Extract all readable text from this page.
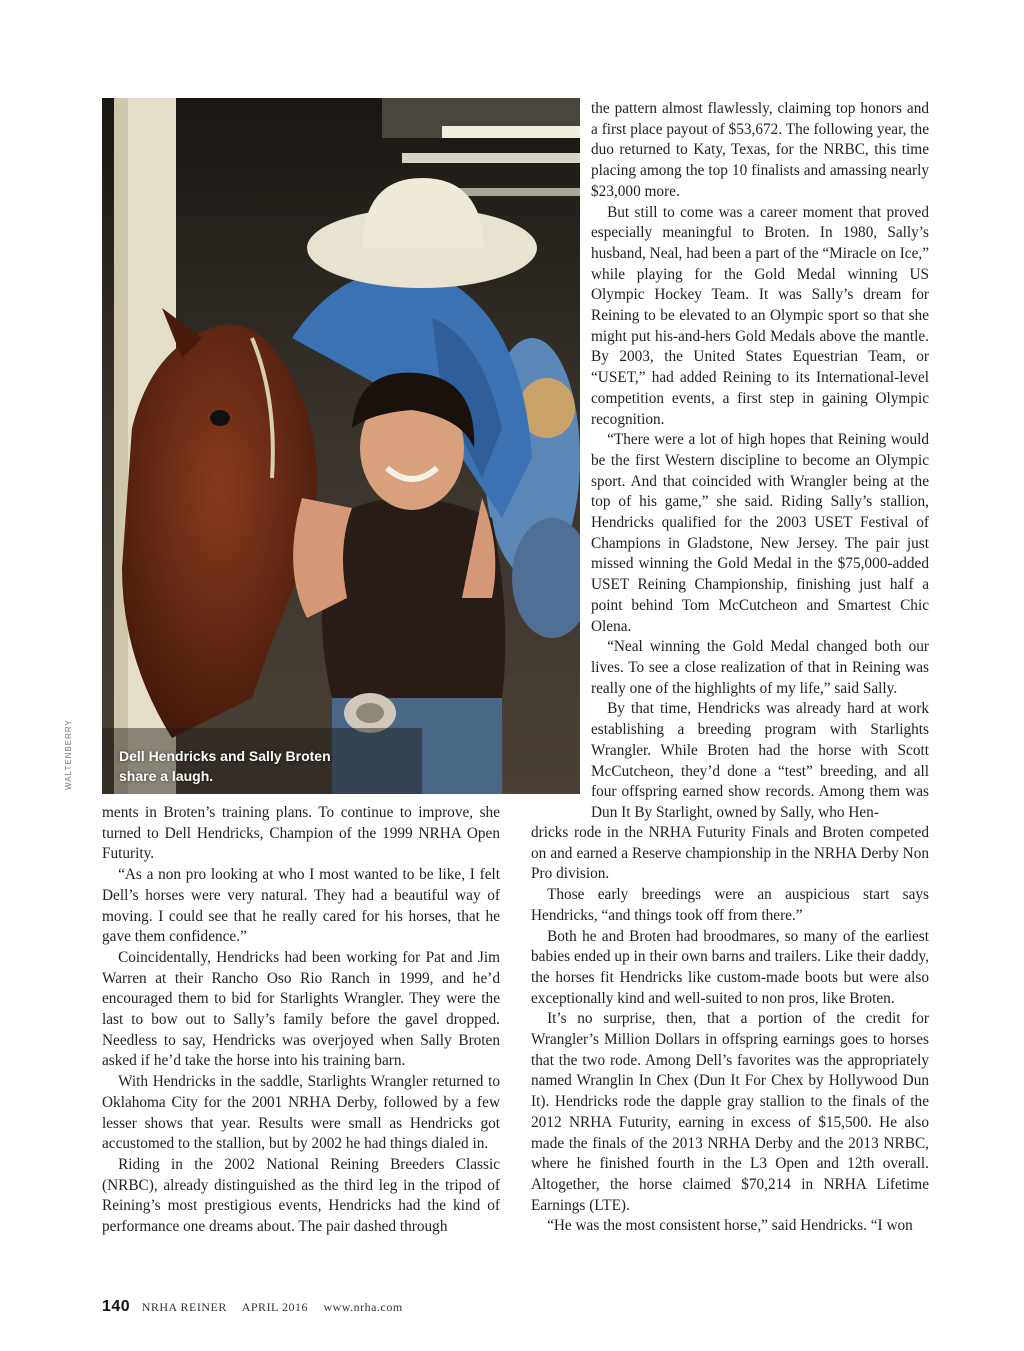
Dell Hendricks and Sally Broten
share a laugh.
WALTENBERRY

the pattern almost flawlessly, claiming top honors and a first place payout of $53,672. The following year, the duo returned to Katy, Texas, for the NRBC, this time placing among the top 10 finalists and amassing nearly $23,000 more.

But still to come was a career moment that proved especially meaningful to Broten. In 1980, Sally’s husband, Neal, had been a part of the “Miracle on Ice,” while playing for the Gold Medal winning US Olympic Hockey Team. It was Sally’s dream for Reining to be elevated to an Olympic sport so that she might put his-and-hers Gold Medals above the mantle. By 2003, the United States Equestrian Team, or “USET,” had added Reining to its International-level competition events, a first step in gaining Olympic recognition.

“There were a lot of high hopes that Reining would be the first Western discipline to become an Olympic sport. And that coincided with Wrangler being at the top of his game,” she said. Riding Sally’s stallion, Hendricks qualified for the 2003 USET Festival of Champions in Gladstone, New Jersey. The pair just missed winning the Gold Medal in the $75,000-added USET Reining Championship, finishing just half a point behind Tom McCutcheon and Smartest Chic Olena.

“Neal winning the Gold Medal changed both our lives. To see a close realization of that in Reining was really one of the highlights of my life,” said Sally.

By that time, Hendricks was already hard at work establishing a breeding program with Starlights Wrangler. While Broten had the horse with Scott McCutcheon, they’d done a “test” breeding, and all four offspring earned show records. Among them was Dun It By Starlight, owned by Sally, who Hen-

ments in Broten’s training plans. To continue to improve, she turned to Dell Hendricks, Champion of the 1999 NRHA Open Futurity.

“As a non pro looking at who I most wanted to be like, I felt Dell’s horses were very natural. They had a beautiful way of moving. I could see that he really cared for his horses, that he gave them confidence.”

Coincidentally, Hendricks had been working for Pat and Jim Warren at their Rancho Oso Rio Ranch in 1999, and he’d encouraged them to bid for Starlights Wrangler. They were the last to bow out to Sally’s family before the gavel dropped. Needless to say, Hendricks was overjoyed when Sally Broten asked if he’d take the horse into his training barn.

With Hendricks in the saddle, Starlights Wrangler returned to Oklahoma City for the 2001 NRHA Derby, followed by a few lesser shows that year. Results were small as Hendricks got accustomed to the stallion, but by 2002 he had things dialed in.

Riding in the 2002 National Reining Breeders Classic (NRBC), already distinguished as the third leg in the tripod of Reining’s most prestigious events, Hendricks had the kind of performance one dreams about. The pair dashed through

dricks rode in the NRHA Futurity Finals and Broten competed on and earned a Reserve championship in the NRHA Derby Non Pro division.

Those early breedings were an auspicious start says Hendricks, “and things took off from there.”

Both he and Broten had broodmares, so many of the earliest babies ended up in their own barns and trailers. Like their daddy, the horses fit Hendricks like custom-made boots but were also exceptionally kind and well-suited to non pros, like Broten.

It’s no surprise, then, that a portion of the credit for Wrangler’s Million Dollars in offspring earnings goes to horses that the two rode. Among Dell’s favorites was the appropriately named Wranglin In Chex (Dun It For Chex by Hollywood Dun It). Hendricks rode the dapple gray stallion to the finals of the 2012 NRHA Futurity, earning in excess of $15,500. He also made the finals of the 2013 NRHA Derby and the 2013 NRBC, where he finished fourth in the L3 Open and 12th overall. Altogether, the horse claimed $70,214 in NRHA Lifetime Earnings (LTE).

“He was the most consistent horse,” said Hendricks. “I won

140 NRHA REINER APRIL 2016 www.nrha.com
